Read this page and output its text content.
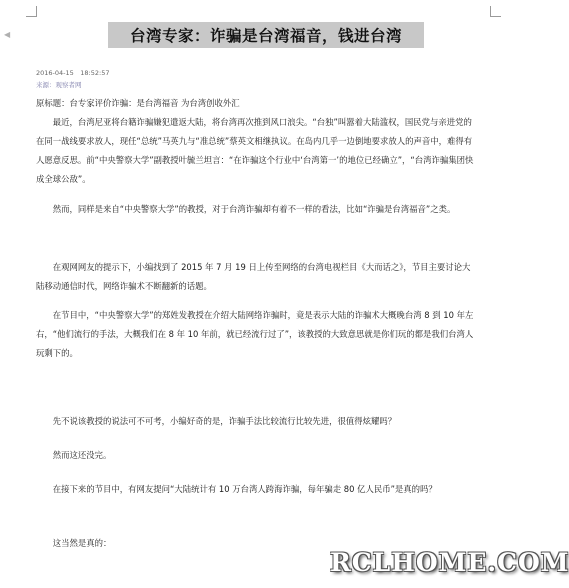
◀	台湾专家：诈骗是台湾福音，钱进台湾
2016-04-15　18:52:57
来源：观察者网

原标题：台专家评价诈骗：是台湾福音 为台湾创收外汇

最近，台湾尼亚将台籍诈骗嫌犯遣返大陆，将台湾再次推到风口浪尖。“台独”叫嚣着大陆滥权，国民党与亲进党的在同一战线要求放人，现任“总统”马英九与“准总统”蔡英文相继执议。在岛内几乎一边倒地要求放人的声音中，难得有人愿意反思。前“中央警察大学”副教授叶毓兰坦言：“在诈骗这个行业中‘台湾第一’的地位已经确立”，“台湾诈骗集团快成全球公敌”。

然而，同样是来自“中央警察大学”的教授，对于台湾诈骗却有着不一样的看法，比如“诈骗是台湾福音”之类。
在观网网友的提示下，小编找到了 2015 年 7 月 19 日上传至网络的台湾电视栏目《大而话之》，节目主要讨论大陆移动通信时代，网络诈骗术不断翻新的话题。
在节目中，“中央警察大学”的郑姓发教授在介绍大陆网络诈骗时，竟是表示大陆的诈骗术大概晚台湾 8 到 10 年左右，“他们流行的手法，大概我们在 8 年 10 年前，就已经流行过了”，该教授的大致意思就是你们玩的都是我们台湾人玩剩下的。
先不说该教授的说法可不可考，小编好奇的是，诈骗手法比较流行比较先进，很值得炫耀吗？
然而这还没完。
在接下来的节目中，有网友提问“大陆统计有 10 万台湾人跨海诈骗，每年骗走 80 亿人民币”是真的吗？
这当然是真的：
RCLHOME.COM
